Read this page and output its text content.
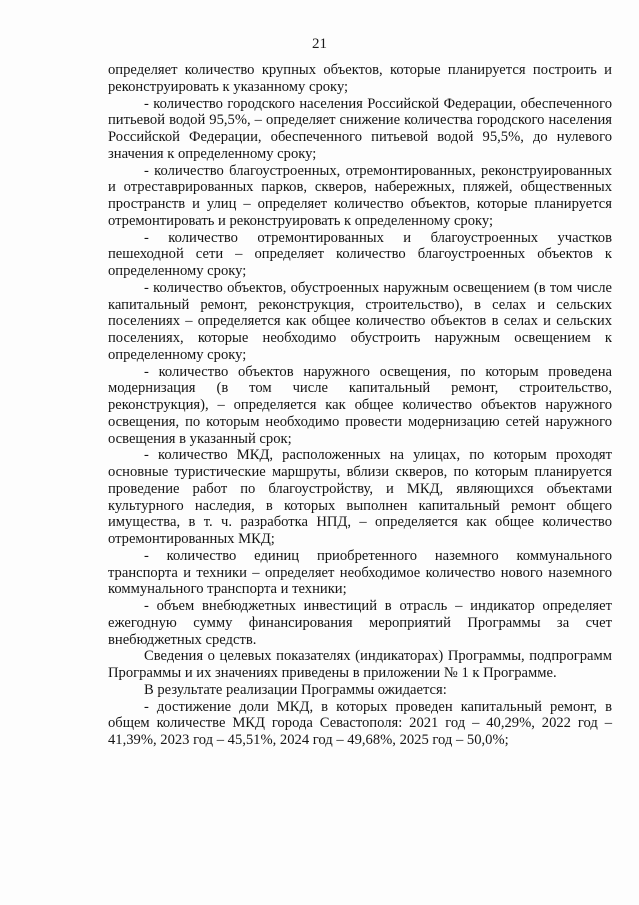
21

определяет количество крупных объектов, которые планируется построить и реконструировать к указанному сроку;

- количество городского населения Российской Федерации, обеспеченного питьевой водой 95,5%, – определяет снижение количества городского населения Российской Федерации, обеспеченного питьевой водой 95,5%, до нулевого значения к определенному сроку;

- количество благоустроенных, отремонтированных, реконструированных и отреставрированных парков, скверов, набережных, пляжей, общественных пространств и улиц – определяет количество объектов, которые планируется отремонтировать и реконструировать к определенному сроку;

- количество отремонтированных и благоустроенных участков пешеходной сети – определяет количество благоустроенных объектов к определенному сроку;

- количество объектов, обустроенных наружным освещением (в том числе капитальный ремонт, реконструкция, строительство), в селах и сельских поселениях – определяется как общее количество объектов в селах и сельских поселениях, которые необходимо обустроить наружным освещением к определенному сроку;

- количество объектов наружного освещения, по которым проведена модернизация (в том числе капитальный ремонт, строительство, реконструкция), – определяется как общее количество объектов наружного освещения, по которым необходимо провести модернизацию сетей наружного освещения в указанный срок;

- количество МКД, расположенных на улицах, по которым проходят основные туристические маршруты, вблизи скверов, по которым планируется проведение работ по благоустройству, и МКД, являющихся объектами культурного наследия, в которых выполнен капитальный ремонт общего имущества, в т. ч. разработка НПД, – определяется как общее количество отремонтированных МКД;

- количество единиц приобретенного наземного коммунального транспорта и техники – определяет необходимое количество нового наземного коммунального транспорта и техники;

- объем внебюджетных инвестиций в отрасль – индикатор определяет ежегодную сумму финансирования мероприятий Программы за счет внебюджетных средств.

Сведения о целевых показателях (индикаторах) Программы, подпрограмм Программы и их значениях приведены в приложении № 1 к Программе.

В результате реализации Программы ожидается:

- достижение доли МКД, в которых проведен капитальный ремонт, в общем количестве МКД города Севастополя: 2021 год – 40,29%, 2022 год – 41,39%, 2023 год – 45,51%, 2024 год – 49,68%, 2025 год – 50,0%;
